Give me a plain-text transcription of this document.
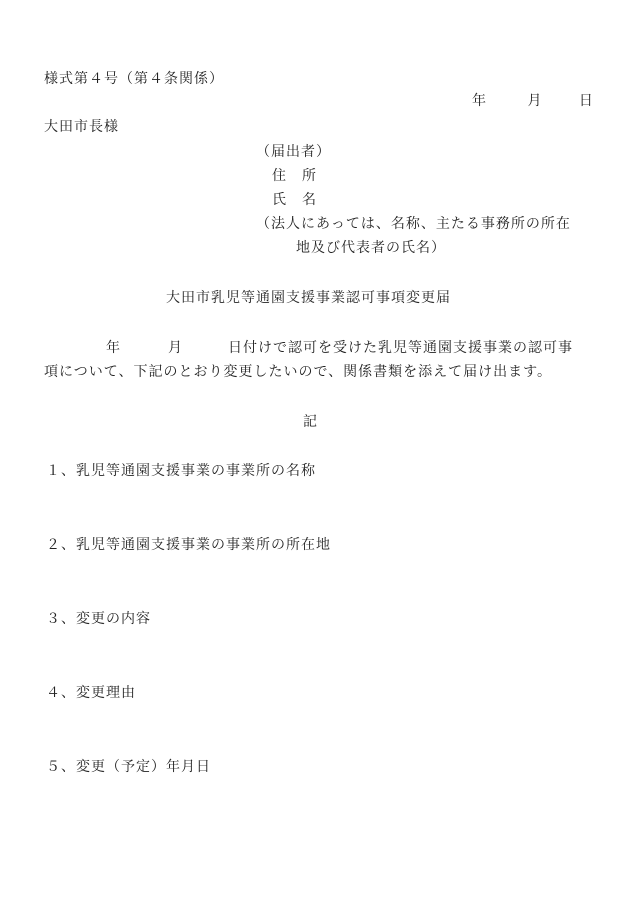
様式第４号（第４条関係）
年	月	日
大田市長様
（届出者）
住　所
氏　名
（法人にあっては、名称、主たる事務所の所在
地及び代表者の氏名）
大田市乳児等通園支援事業認可事項変更届
年	月	日付けで認可を受けた乳児等通園支援事業の認可事
項について、下記のとおり変更したいので、関係書類を添えて届け出ます。
記
１、乳児等通園支援事業の事業所の名称
２、乳児等通園支援事業の事業所の所在地
３、変更の内容
４、変更理由
５、変更（予定）年月日
